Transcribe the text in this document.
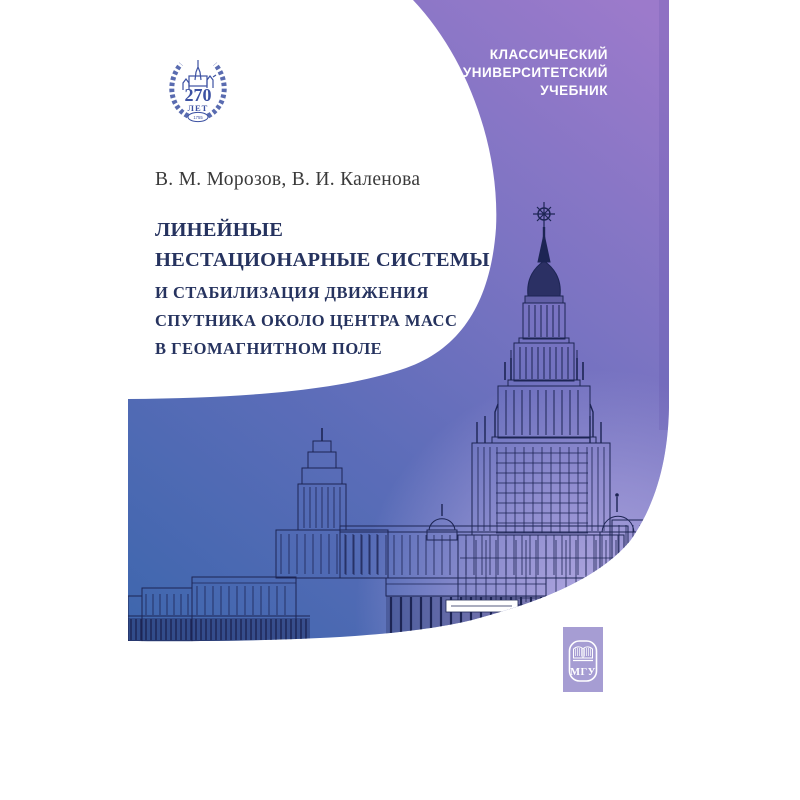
270
ЛЕТ
1755
КЛАССИЧЕСКИЙ
УНИВЕРСИТЕТСКИЙ
УЧЕБНИК
В. М. Морозов, В. И. Каленова
ЛИНЕЙНЫЕ
НЕСТАЦИОНАРНЫЕ СИСТЕМЫ
И СТАБИЛИЗАЦИЯ ДВИЖЕНИЯ
СПУТНИКА ОКОЛО ЦЕНТРА МАСС
В ГЕОМАГНИТНОМ ПОЛЕ
МГУ
